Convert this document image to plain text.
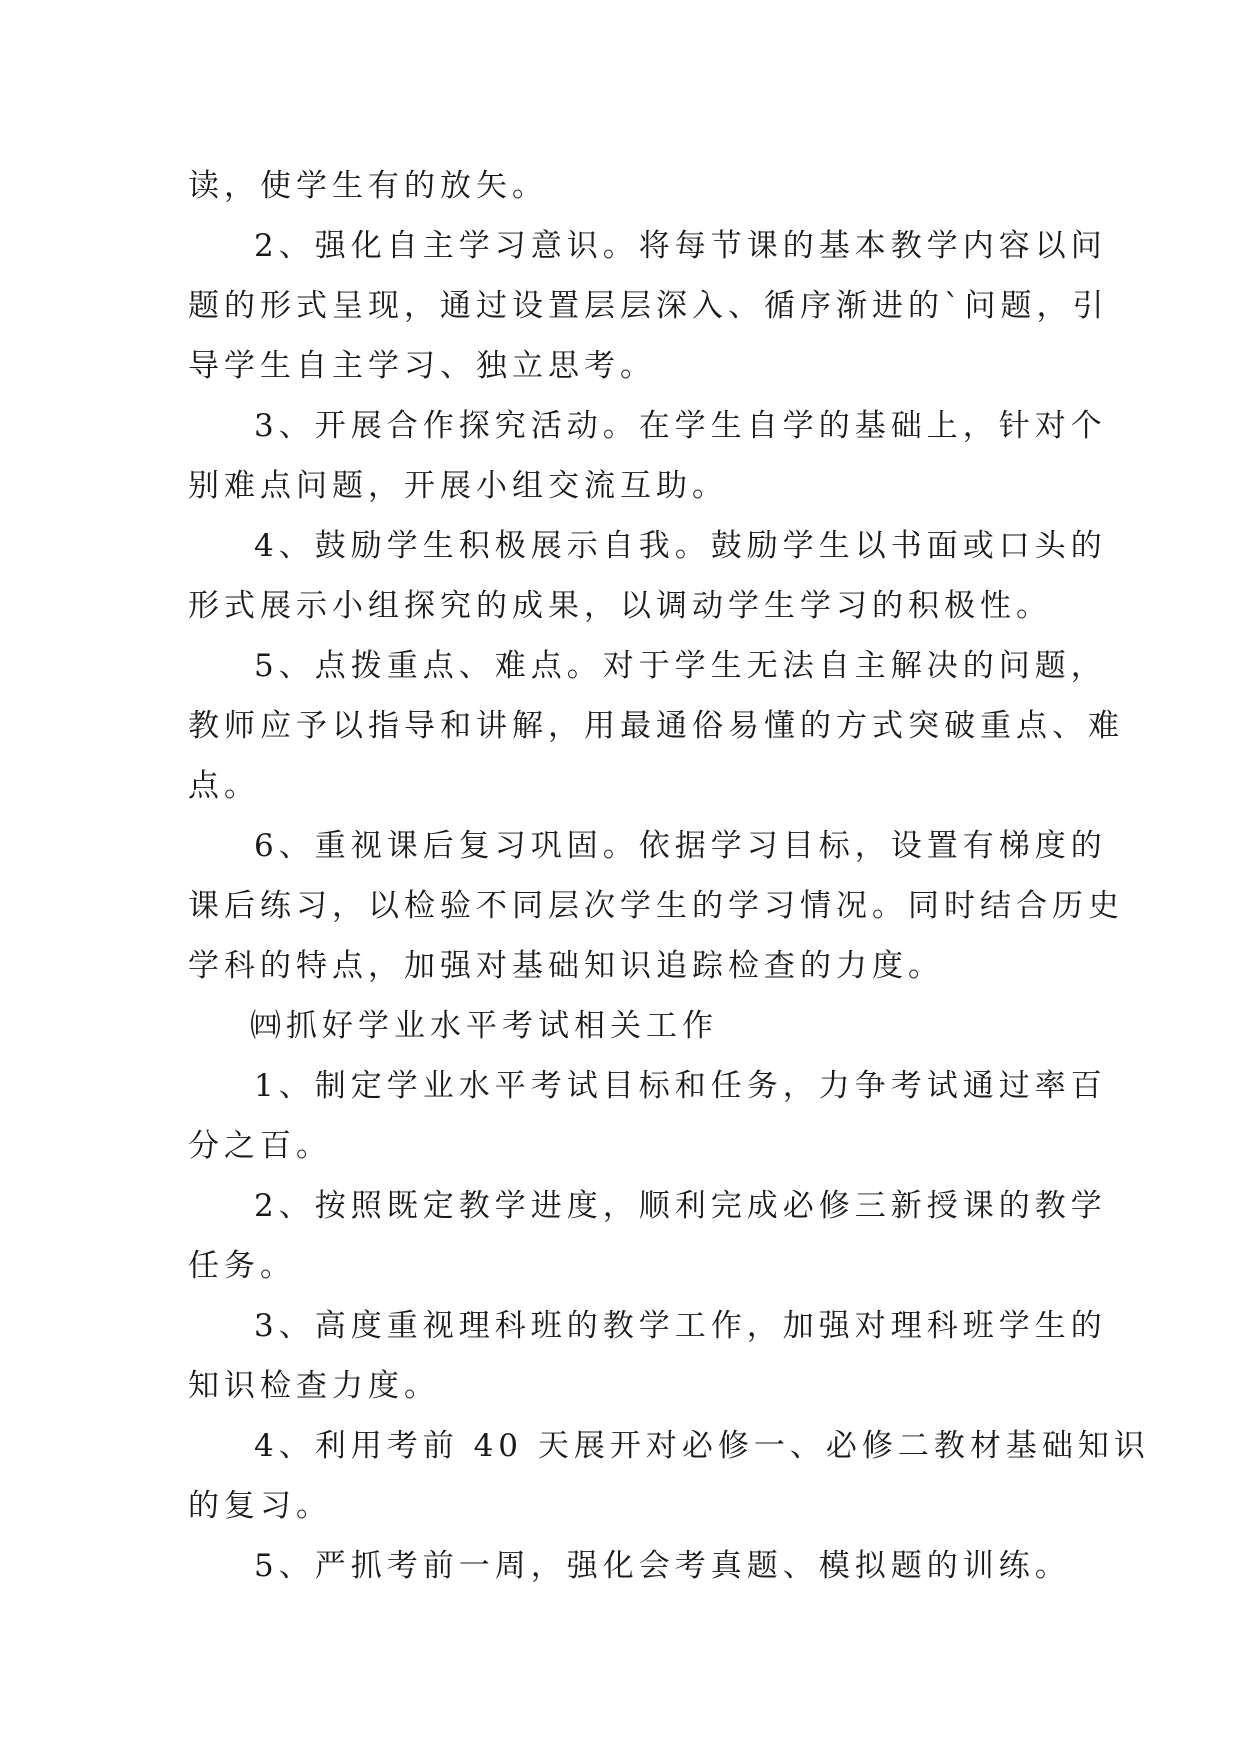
读，使学生有的放矢。
2、强化自主学习意识。将每节课的基本教学内容以问
题的形式呈现，通过设置层层深入、循序渐进的`问题，引
导学生自主学习、独立思考。
3、开展合作探究活动。在学生自学的基础上，针对个
别难点问题，开展小组交流互助。
4、鼓励学生积极展示自我。鼓励学生以书面或口头的
形式展示小组探究的成果，以调动学生学习的积极性。
5、点拨重点、难点。对于学生无法自主解决的问题，
教师应予以指导和讲解，用最通俗易懂的方式突破重点、难
点。
6、重视课后复习巩固。依据学习目标，设置有梯度的
课后练习，以检验不同层次学生的学习情况。同时结合历史
学科的特点，加强对基础知识追踪检查的力度。
㈣抓好学业水平考试相关工作
1、制定学业水平考试目标和任务，力争考试通过率百
分之百。
2、按照既定教学进度，顺利完成必修三新授课的教学
任务。
3、高度重视理科班的教学工作，加强对理科班学生的
知识检查力度。
4、利用考前 40 天展开对必修一、必修二教材基础知识
的复习。
5、严抓考前一周，强化会考真题、模拟题的训练。
